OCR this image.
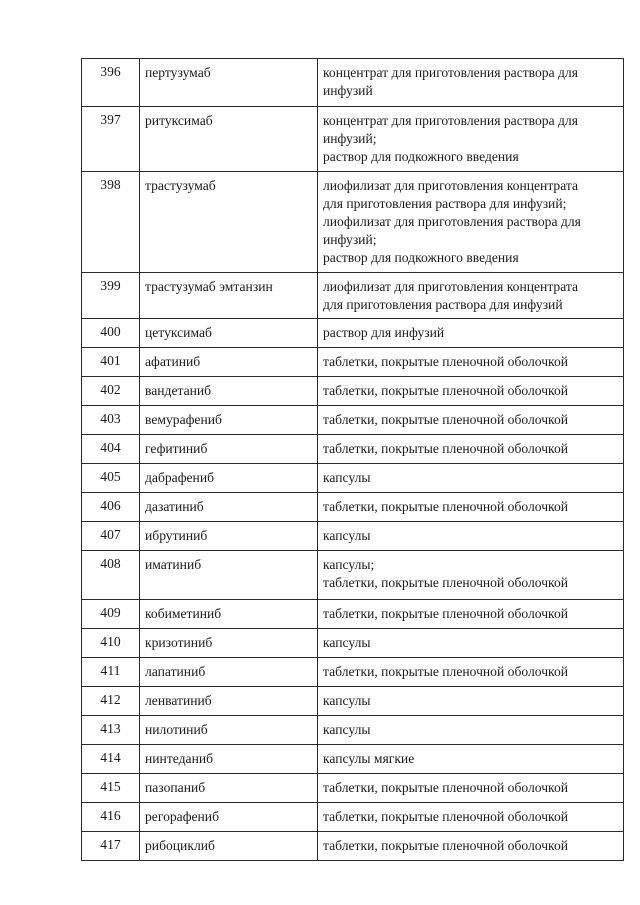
396	пертузумаб	концентрат для приготовления раствора для
инфузий

397	ритуксимаб	концентрат для приготовления раствора для
инфузий;
раствор для подкожного введения

398	трастузумаб	лиофилизат для приготовления концентрата
для приготовления раствора для инфузий;
лиофилизат для приготовления раствора для
инфузий;
раствор для подкожного введения

399	трастузумаб эмтанзин	лиофилизат для приготовления концентрата
для приготовления раствора для инфузий

400	цетуксимаб	раствор для инфузий

401	афатиниб	таблетки, покрытые пленочной оболочкой

402	вандетаниб	таблетки, покрытые пленочной оболочкой

403	вемурафениб	таблетки, покрытые пленочной оболочкой

404	гефитиниб	таблетки, покрытые пленочной оболочкой

405	дабрафениб	капсулы

406	дазатиниб	таблетки, покрытые пленочной оболочкой

407	ибрутиниб	капсулы

408	иматиниб	капсулы;
таблетки, покрытые пленочной оболочкой

409	кобиметиниб	таблетки, покрытые пленочной оболочкой

410	кризотиниб	капсулы

411	лапатиниб	таблетки, покрытые пленочной оболочкой

412	ленватиниб	капсулы

413	нилотиниб	капсулы

414	нинтеданиб	капсулы мягкие

415	пазопаниб	таблетки, покрытые пленочной оболочкой

416	регорафениб	таблетки, покрытые пленочной оболочкой

417	рибоциклиб	таблетки, покрытые пленочной оболочкой
